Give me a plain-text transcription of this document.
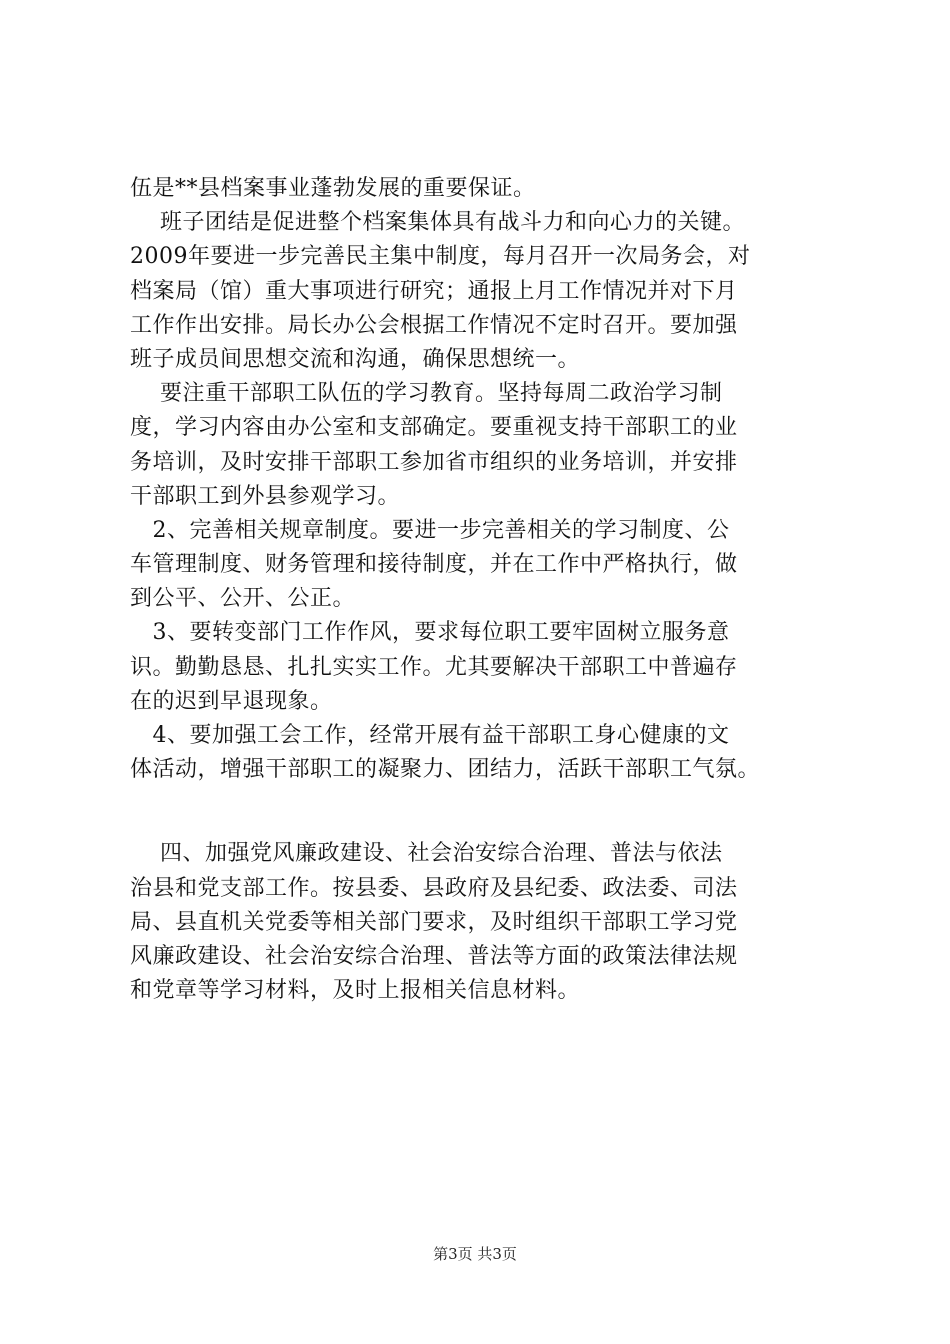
伍是**县档案事业蓬勃发展的重要保证。
班子团结是促进整个档案集体具有战斗力和向心力的关键。
2009年要进一步完善民主集中制度，每月召开一次局务会，对
档案局（馆）重大事项进行研究；通报上月工作情况并对下月
工作作出安排。局长办公会根据工作情况不定时召开。要加强
班子成员间思想交流和沟通，确保思想统一。
要注重干部职工队伍的学习教育。坚持每周二政治学习制
度，学习内容由办公室和支部确定。要重视支持干部职工的业
务培训，及时安排干部职工参加省市组织的业务培训，并安排
干部职工到外县参观学习。
2、完善相关规章制度。要进一步完善相关的学习制度、公
车管理制度、财务管理和接待制度，并在工作中严格执行，做
到公平、公开、公正。
3、要转变部门工作作风，要求每位职工要牢固树立服务意
识。勤勤恳恳、扎扎实实工作。尤其要解决干部职工中普遍存
在的迟到早退现象。
4、要加强工会工作，经常开展有益干部职工身心健康的文
体活动，增强干部职工的凝聚力、团结力，活跃干部职工气氛。
四、加强党风廉政建设、社会治安综合治理、普法与依法
治县和党支部工作。按县委、县政府及县纪委、政法委、司法
局、县直机关党委等相关部门要求，及时组织干部职工学习党
风廉政建设、社会治安综合治理、普法等方面的政策法律法规
和党章等学习材料，及时上报相关信息材料。
第3页 共3页
